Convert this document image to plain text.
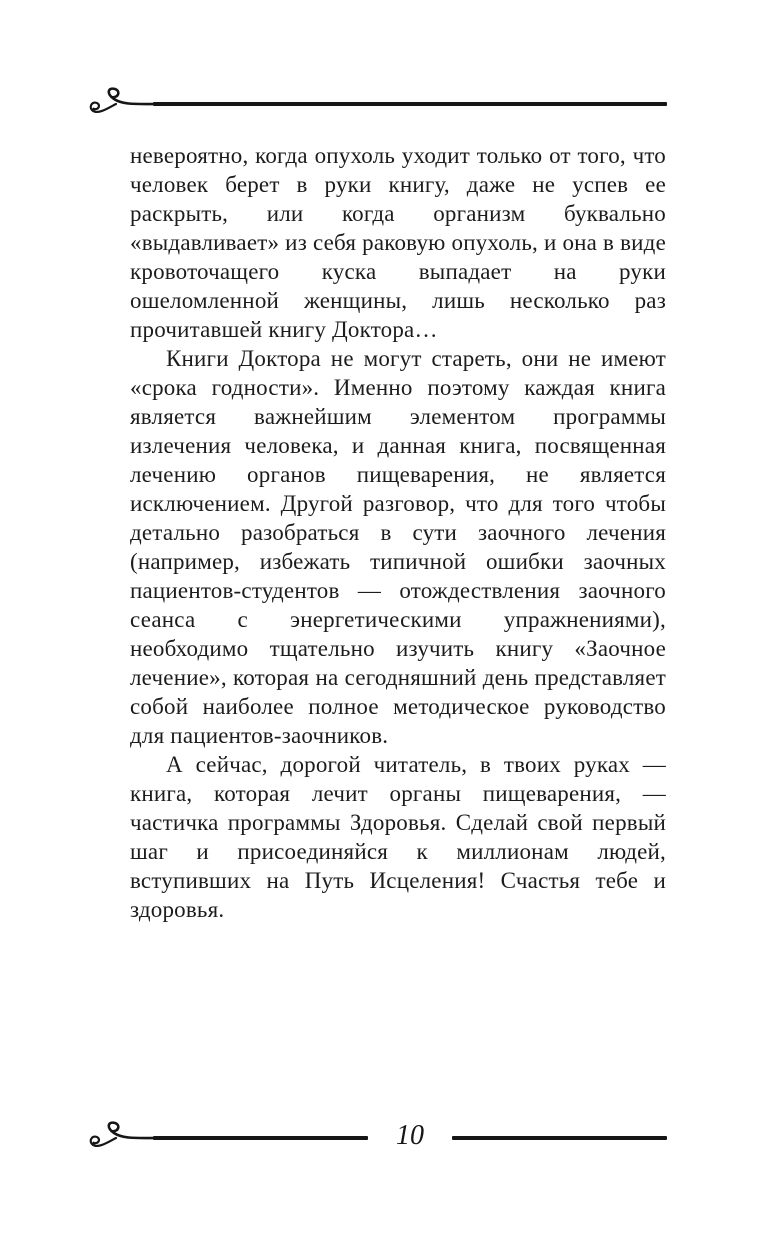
невероятно, когда опухоль уходит только от того, что человек берет в руки книгу, даже не успев ее раскрыть, или когда организм буквально «выдавливает» из себя раковую опухоль, и она в виде кровоточащего куска выпадает на руки ошеломленной женщины, лишь несколько раз прочитавшей книгу Доктора…

Книги Доктора не могут стареть, они не имеют «срока годности». Именно поэтому каждая книга является важнейшим элементом программы излечения человека, и данная книга, посвященная лечению органов пищеварения, не является исключением. Другой разговор, что для того чтобы детально разобраться в сути заочного лечения (например, избежать типичной ошибки заочных пациентов-студентов — отождествления заочного сеанса с энергетическими упражнениями), необходимо тщательно изучить книгу «Заочное лечение», которая на сегодняшний день представляет собой наиболее полное методическое руководство для пациентов-заочников.

А сейчас, дорогой читатель, в твоих руках — книга, которая лечит органы пищеварения, — частичка программы Здоровья. Сделай свой первый шаг и присоединяйся к миллионам людей, вступивших на Путь Исцеления! Счастья тебе и здоровья.

10
